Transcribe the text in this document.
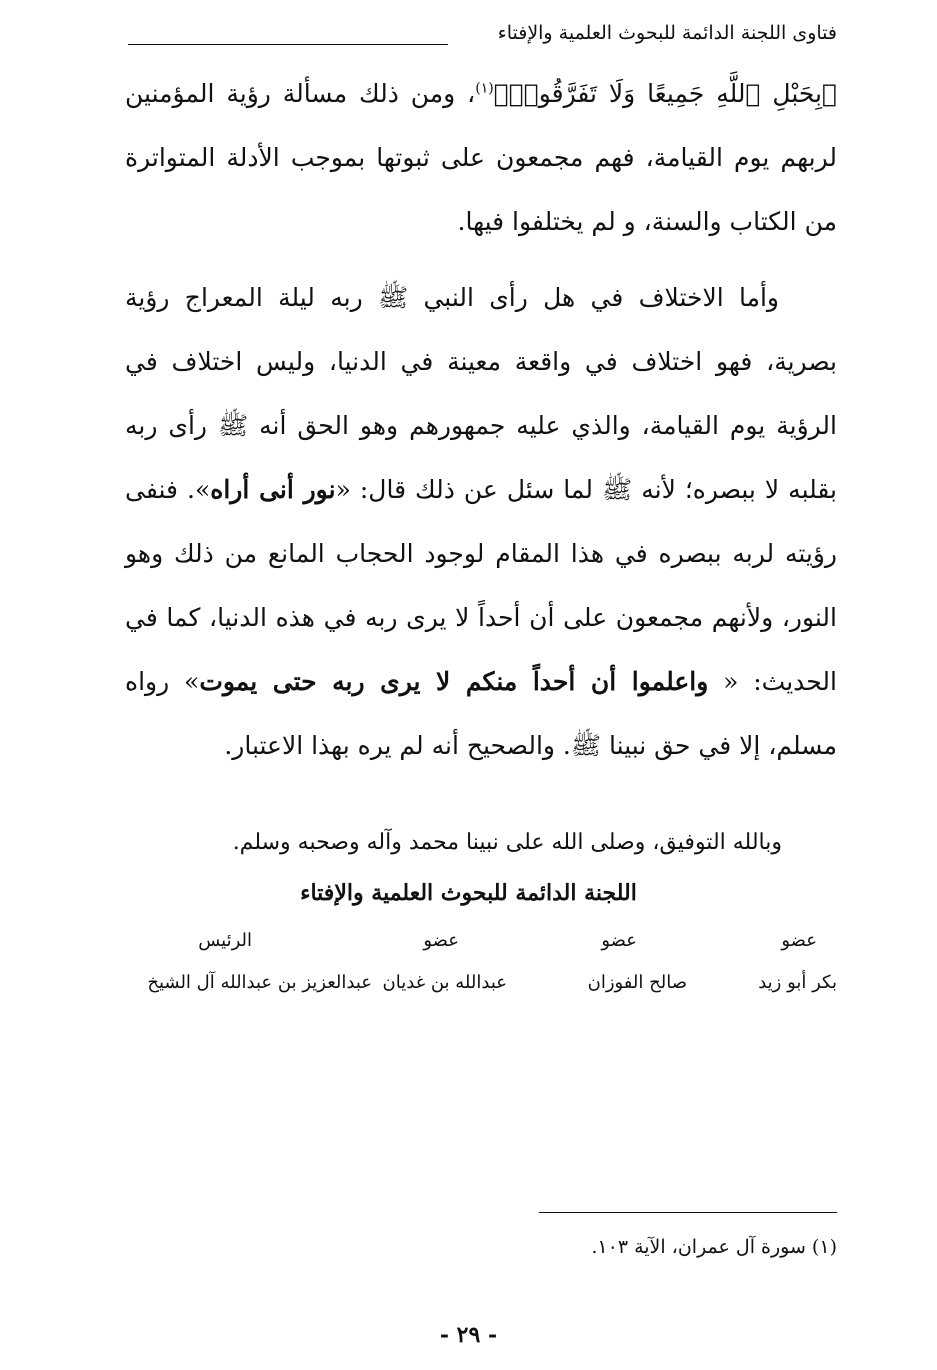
فتاوى اللجنة الدائمة للبحوث العلمية والإفتاء

﴿بِحَبْلِ ٱللَّهِ جَمِيعًا وَلَا تَفَرَّقُوا۟﴾$^{(١)}$، ومن ذلك مسألة رؤية المؤمنين لربهم يوم القيامة، فهم مجمعون على ثبوتها بموجب الأدلة المتواترة من الكتاب والسنة، و لم يختلفوا فيها.

وأما الاختلاف في هل رأى النبي ﷺ ربه ليلة المعراج رؤية بصرية، فهو اختلاف في واقعة معينة في الدنيا، وليس اختلاف في الرؤية يوم القيامة، والذي عليه جمهورهم وهو الحق أنه ﷺ رأى ربه بقلبه لا ببصره؛ لأنه ﷺ لما سئل عن ذلك قال: «نور أنى أراه». فنفى رؤيته لربه ببصره في هذا المقام لوجود الحجاب المانع من ذلك وهو النور، ولأنهم مجمعون على أن أحداً لا يرى ربه في هذه الدنيا، كما في الحديث: « واعلموا أن أحداً منكم لا يرى ربه حتى يموت» رواه مسلم، إلا في حق نبينا ﷺ. والصحيح أنه لم يره بهذا الاعتبار.

وبالله التوفيق، وصلى الله على نبينا محمد وآله وصحبه وسلم.
اللجنة الدائمة للبحوث العلمية والإفتاء
عضو
عضو
عضو
الرئيس
بكر أبو زيد
صالح الفوزان
عبدالله بن غديان
عبدالعزيز بن عبدالله آل الشيخ
(١) سورة آل عمران، الآية ١٠٣.
- ٢٩ -
